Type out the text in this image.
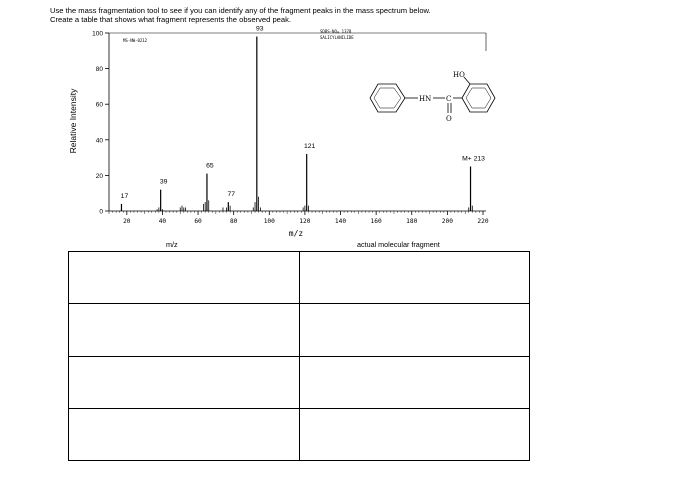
Use the mass fragmentation tool to see if you can identify any of the fragment peaks in the mass spectrum below.
Create a table that shows what fragment represents the observed peak.
Relative Intensity
m/z
MS-NW-0212
SDBS-NO= 1378
SALICYLANILIDE
HN C
O
HO
0
20
40
60
80
100
20	40	60	80	100	120	140	160	180	200	220
17
39
65
77
93
121
M+ 213
m/z	actual molecular fragment
